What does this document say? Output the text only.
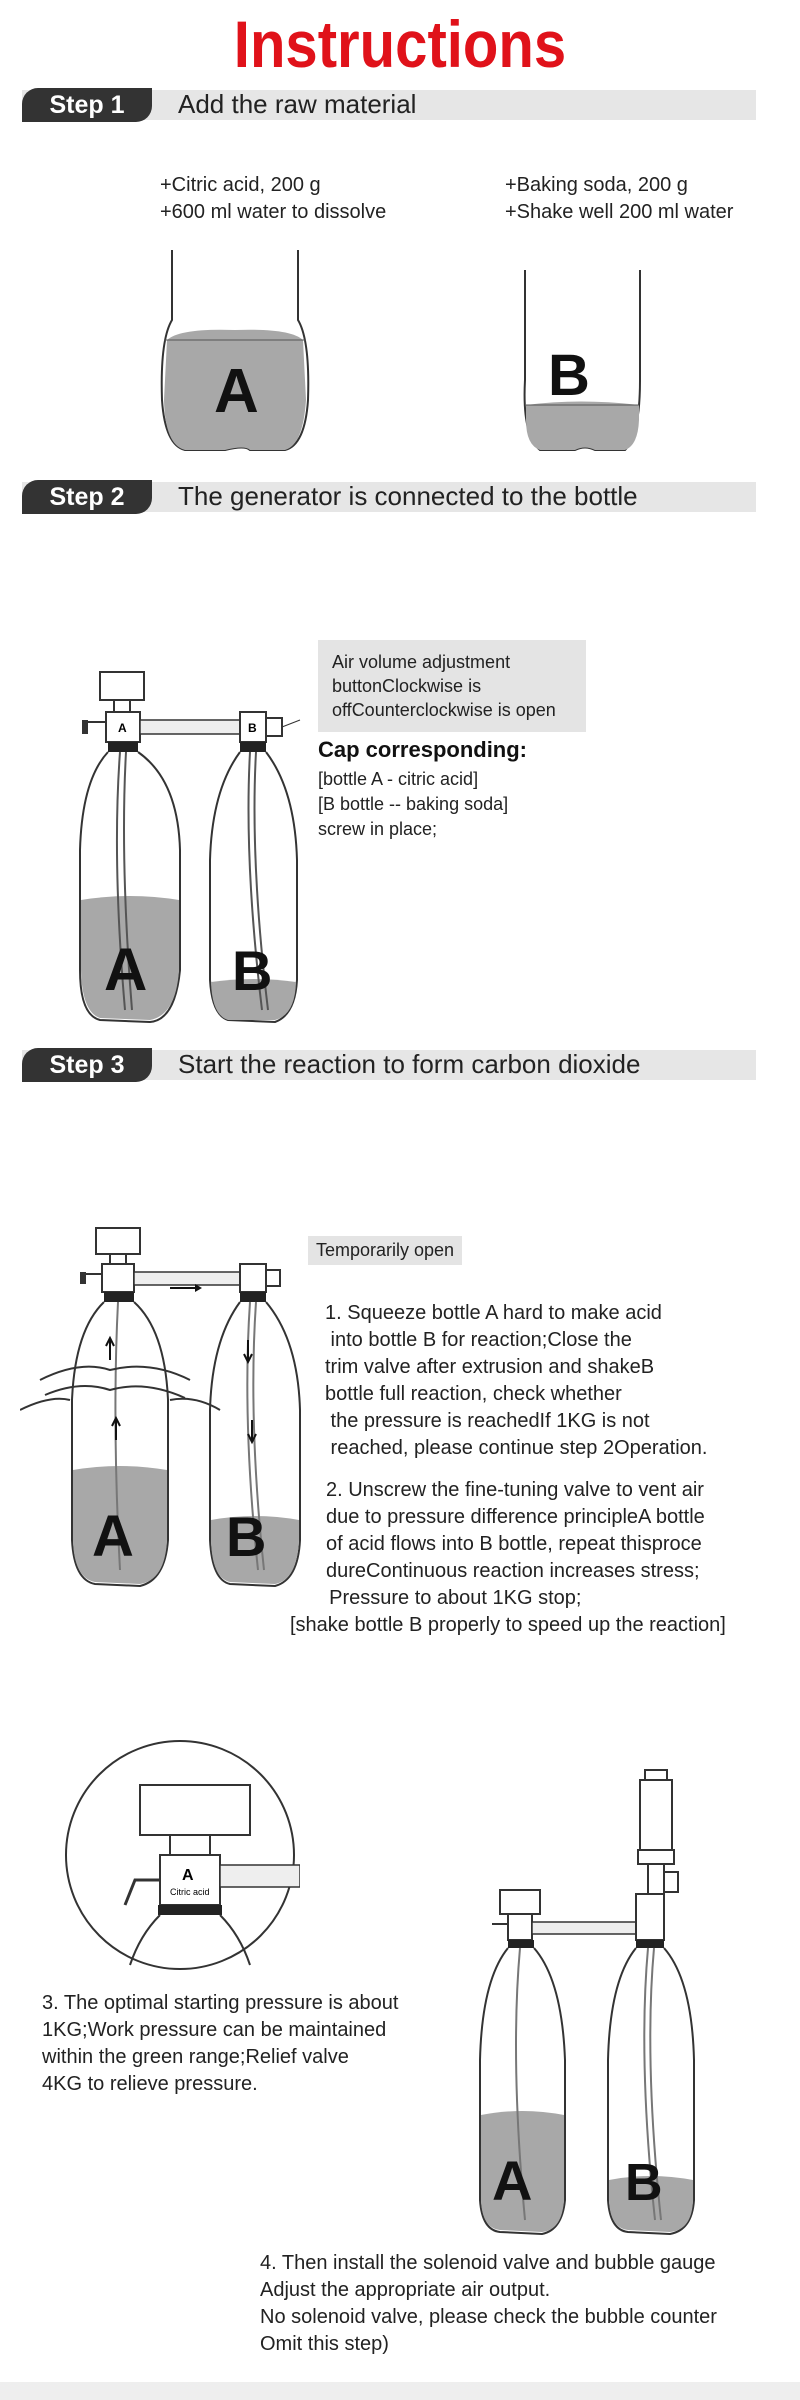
Instructions
Step 1	Add the raw material
+Citric acid, 200 g
+600 ml water to dissolve
+Baking soda, 200 g
+Shake well 200 ml water
A	B
Step 2	The generator is connected to the bottle
A	B
A B
Air volume adjustment
buttonClockwise is
offCounterclockwise is open
Cap corresponding:
[bottle A - citric acid]
[B bottle -- baking soda]
screw in place;
Step 3	Start the reaction to form carbon dioxide
A B
Temporarily open
1. Squeeze bottle A hard to make acid
into bottle B for reaction;Close the
trim valve after extrusion and shakeB
bottle full reaction, check whether
the pressure is reachedIf 1KG is not
reached, please continue step 2Operation.
2. Unscrew the fine-tuning valve to vent air
due to pressure difference principleA bottle
of acid flows into B bottle, repeat thisproce
dureContinuous reaction increases stress;
Pressure to about 1KG stop;
[shake bottle B properly to speed up the reaction]
A
Citric acid
3. The optimal starting pressure is about
1KG;Work pressure can be maintained
within the green range;Relief valve
4KG to relieve pressure.
A B
4. Then install the solenoid valve and bubble gauge
Adjust the appropriate air output.
No solenoid valve, please check the bubble counter
Omit this step)
